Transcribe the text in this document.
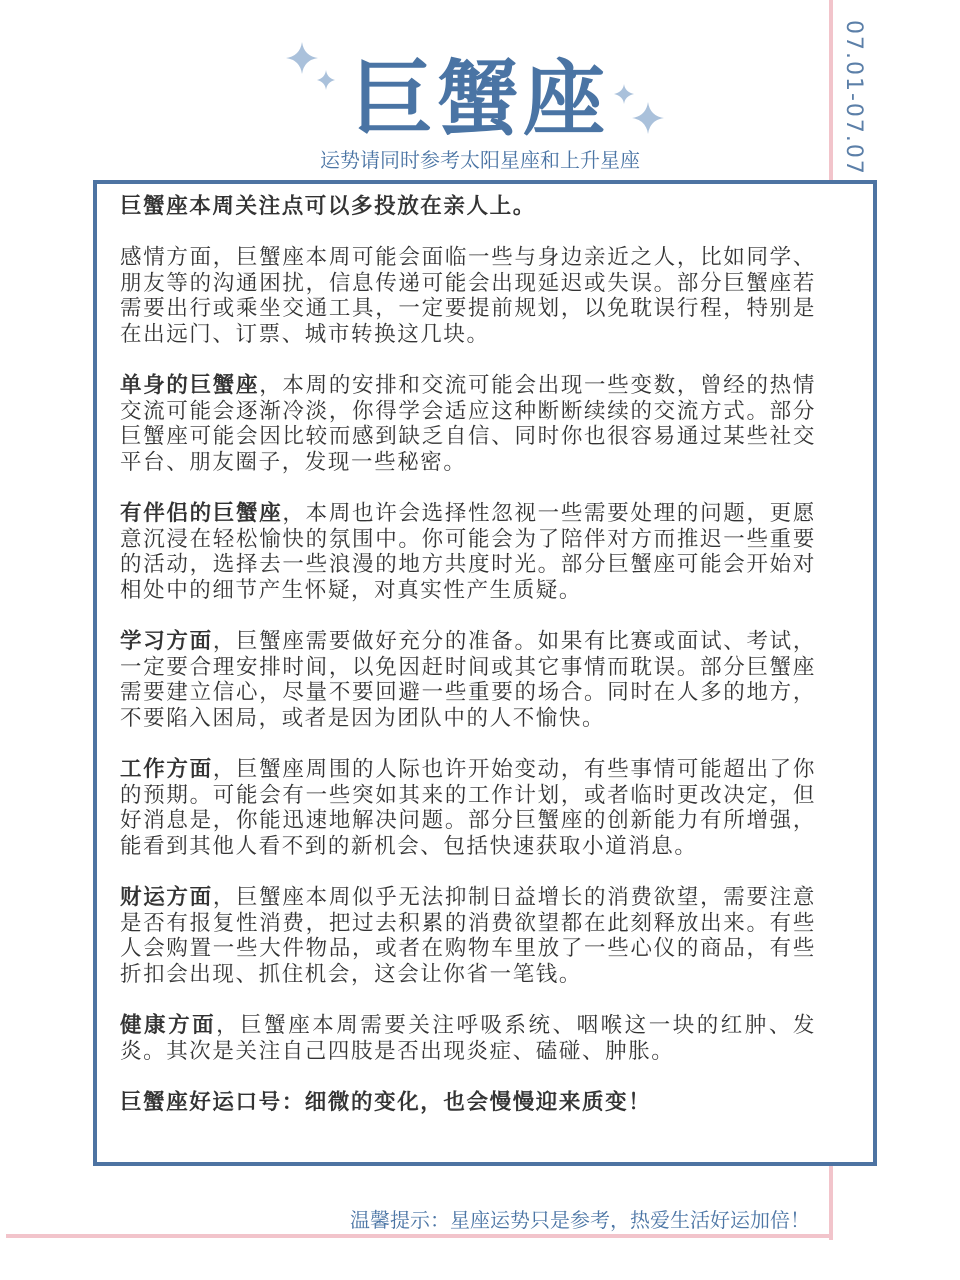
07.01-07.07
巨蟹座
运势请同时参考太阳星座和上升星座

巨蟹座本周关注点可以多投放在亲人上。

感情方面，巨蟹座本周可能会面临一些与身边亲近之人，比如同学、朋友等的沟通困扰，信息传递可能会出现延迟或失误。部分巨蟹座若需要出行或乘坐交通工具，一定要提前规划，以免耽误行程，特别是在出远门、订票、城市转换这几块。

单身的巨蟹座，本周的安排和交流可能会出现一些变数，曾经的热情交流可能会逐渐冷淡，你得学会适应这种断断续续的交流方式。部分巨蟹座可能会因比较而感到缺乏自信、同时你也很容易通过某些社交平台、朋友圈子，发现一些秘密。

有伴侣的巨蟹座，本周也许会选择性忽视一些需要处理的问题，更愿意沉浸在轻松愉快的氛围中。你可能会为了陪伴对方而推迟一些重要的活动，选择去一些浪漫的地方共度时光。部分巨蟹座可能会开始对相处中的细节产生怀疑，对真实性产生质疑。

学习方面，巨蟹座需要做好充分的准备。如果有比赛或面试、考试，一定要合理安排时间，以免因赶时间或其它事情而耽误。部分巨蟹座需要建立信心，尽量不要回避一些重要的场合。同时在人多的地方，不要陷入困局，或者是因为团队中的人不愉快。

工作方面，巨蟹座周围的人际也许开始变动，有些事情可能超出了你的预期。可能会有一些突如其来的工作计划，或者临时更改决定，但好消息是，你能迅速地解决问题。部分巨蟹座的创新能力有所增强，能看到其他人看不到的新机会、包括快速获取小道消息。

财运方面，巨蟹座本周似乎无法抑制日益增长的消费欲望，需要注意是否有报复性消费，把过去积累的消费欲望都在此刻释放出来。有些人会购置一些大件物品，或者在购物车里放了一些心仪的商品，有些折扣会出现、抓住机会，这会让你省一笔钱。

健康方面，巨蟹座本周需要关注呼吸系统、咽喉这一块的红肿、发炎。其次是关注自己四肢是否出现炎症、磕碰、肿胀。

巨蟹座好运口号：细微的变化，也会慢慢迎来质变！

温馨提示：星座运势只是参考，热爱生活好运加倍！
